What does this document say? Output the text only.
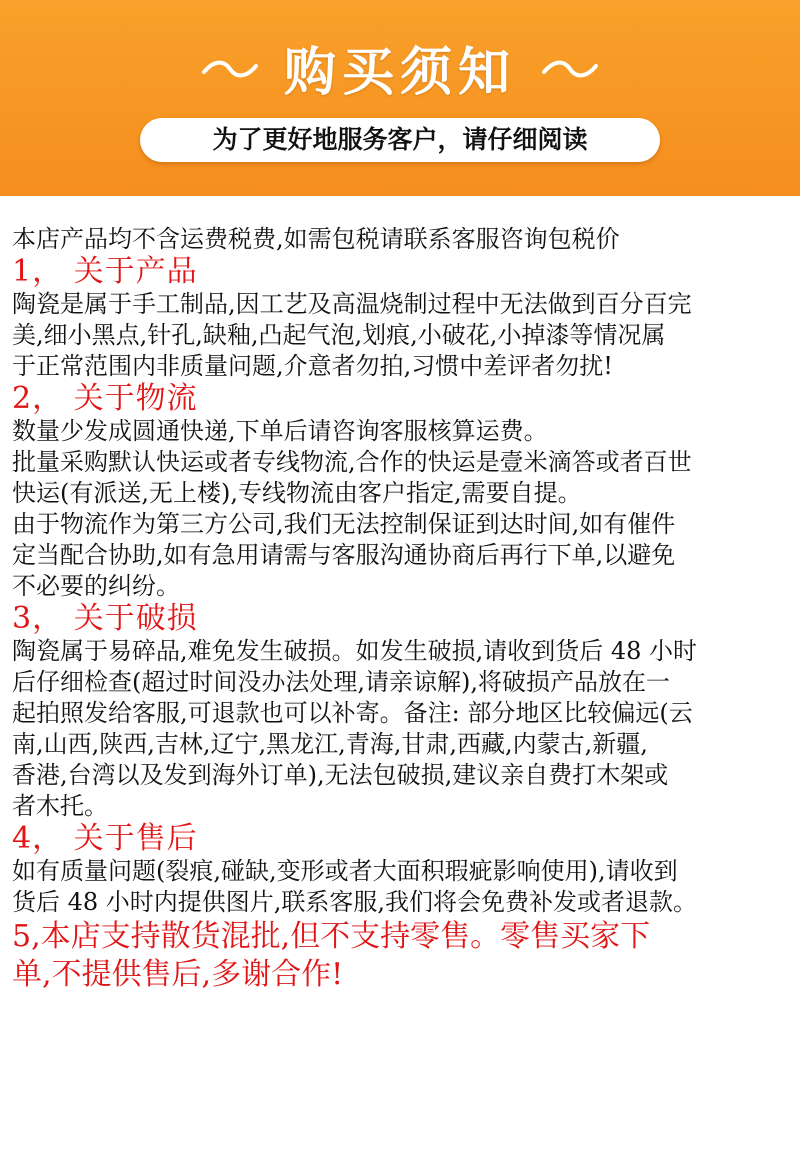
购买须知
为了更好地服务客户，请仔细阅读

本店产品均不含运费税费,如需包税请联系客服咨询包税价

1， 关于产品

陶瓷是属于手工制品,因工艺及高温烧制过程中无法做到百分百完

美,细小黑点,针孔,缺釉,凸起气泡,划痕,小破花,小掉漆等情况属

于正常范围内非质量问题,介意者勿拍,习惯中差评者勿扰!

2， 关于物流

数量少发成圆通快递,下单后请咨询客服核算运费。

批量采购默认快运或者专线物流,合作的快运是壹米滴答或者百世

快运(有派送,无上楼),专线物流由客户指定,需要自提。

由于物流作为第三方公司,我们无法控制保证到达时间,如有催件

定当配合协助,如有急用请需与客服沟通协商后再行下单,以避免

不必要的纠纷。

3， 关于破损

陶瓷属于易碎品,难免发生破损。如发生破损,请收到货后 48 小时

后仔细检查(超过时间没办法处理,请亲谅解),将破损产品放在一

起拍照发给客服,可退款也可以补寄。备注: 部分地区比较偏远(云

南,山西,陕西,吉林,辽宁,黑龙江,青海,甘肃,西藏,内蒙古,新疆,

香港,台湾以及发到海外订单),无法包破损,建议亲自费打木架或

者木托。

4， 关于售后

如有质量问题(裂痕,碰缺,变形或者大面积瑕疵影响使用),请收到

货后 48 小时内提供图片,联系客服,我们将会免费补发或者退款。

5,本店支持散货混批,但不支持零售。零售买家下

单,不提供售后,多谢合作!
